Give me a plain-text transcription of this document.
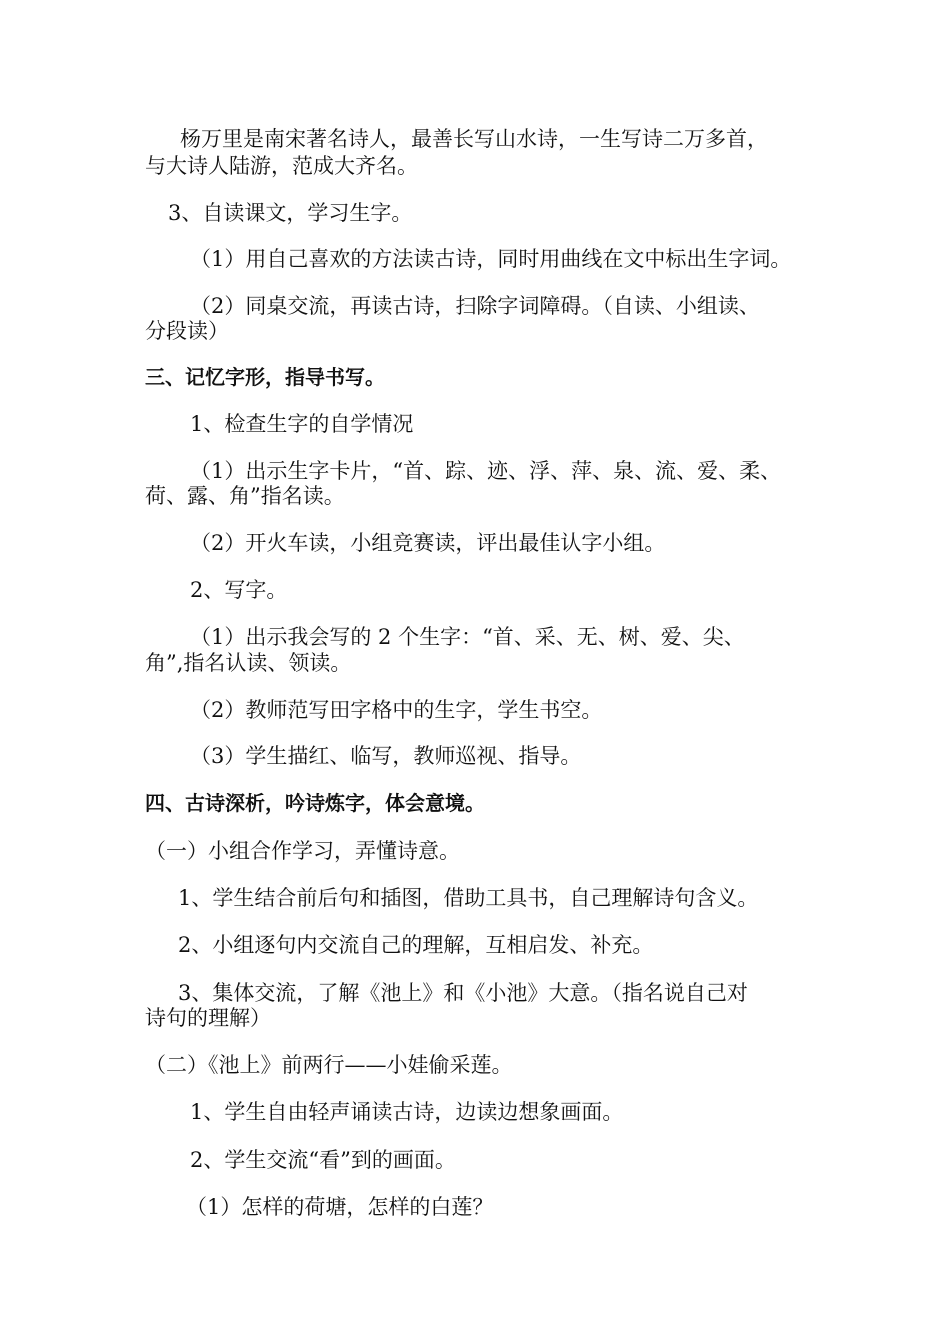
杨万里是南宋著名诗人，最善长写山水诗，一生写诗二万多首，
与大诗人陆游，范成大齐名。
3、自读课文，学习生字。
（1）用自己喜欢的方法读古诗，同时用曲线在文中标出生字词。
（2）同桌交流，再读古诗，扫除字词障碍。（自读、小组读、
分段读）
三、记忆字形，指导书写。
1、检查生字的自学情况
（1）出示生字卡片，“首、踪、迹、浮、萍、泉、流、爱、柔、
荷、露、角”指名读。
（2）开火车读，小组竞赛读，评出最佳认字小组。
2、写字。
（1）出示我会写的 2 个生字：“首、采、无、树、爱、尖、
角”,指名认读、领读。
（2）教师范写田字格中的生字，学生书空。
（3）学生描红、临写，教师巡视、指导。
四、古诗深析，吟诗炼字，体会意境。
（一）小组合作学习，弄懂诗意。
1、学生结合前后句和插图，借助工具书，自己理解诗句含义。
2、小组逐句内交流自己的理解，互相启发、补充。
3、集体交流，了解《池上》和《小池》大意。（指名说自己对
诗句的理解）
（二）《池上》前两行——小娃偷采莲。
1、学生自由轻声诵读古诗，边读边想象画面。
2、学生交流“看”到的画面。
（1）怎样的荷塘，怎样的白莲？
